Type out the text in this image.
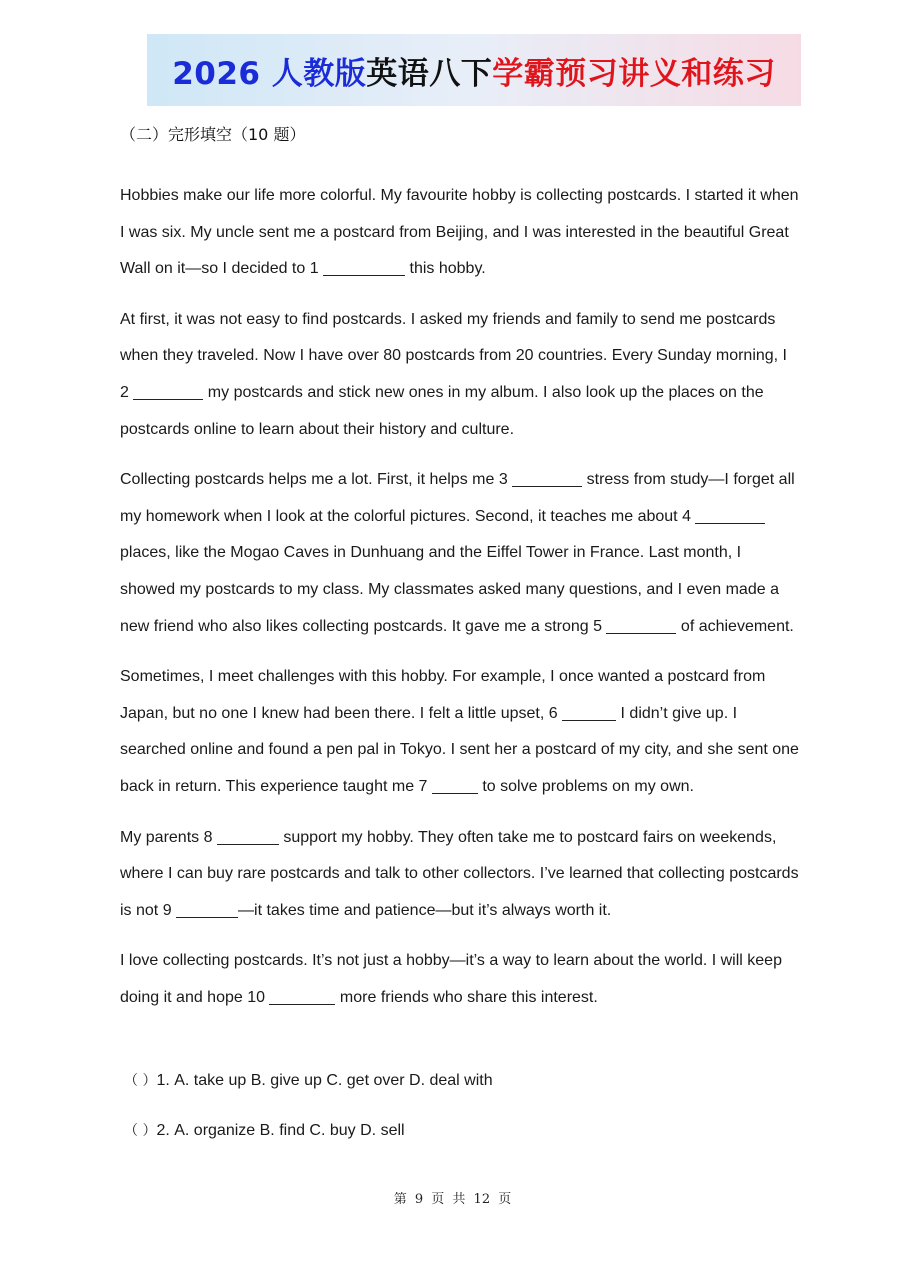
2026 人教版英语八下学霸预习讲义和练习
（二）完形填空（10 题）

Hobbies make our life more colorful. My favourite hobby is collecting postcards. I started it when I was six. My uncle sent me a postcard from Beijing, and I was interested in the beautiful Great Wall on it—so I decided to 1	this hobby.

At first, it was not easy to find postcards. I asked my friends and family to send me postcards when they traveled. Now I have over 80 postcards from 20 countries. Every Sunday morning, I 2	my postcards and stick new ones in my album. I also look up the places on the postcards online to learn about their history and culture.

Collecting postcards helps me a lot. First, it helps me 3	stress from study—I forget all my homework when I look at the colorful pictures. Second, it teaches me about 4  places, like the Mogao Caves in Dunhuang and the Eiffel Tower in France. Last month, I showed my postcards to my class. My classmates asked many questions, and I even made a new friend who also likes collecting postcards. It gave me a strong 5	of achievement.

Sometimes, I meet challenges with this hobby. For example, I once wanted a postcard from Japan, but no one I knew had been there. I felt a little upset, 6	I didn’t give up. I searched online and found a pen pal in Tokyo. I sent her a postcard of my city, and she sent one back in return. This experience taught me 7	to solve problems on my own.

My parents 8	support my hobby. They often take me to postcard fairs on weekends, where I can buy rare postcards and talk to other collectors. I’ve learned that collecting postcards is not 9	—it takes time and patience—but it’s always worth it.

I love collecting postcards. It’s not just a hobby—it’s a way to learn about the world. I will keep doing it and hope 10	more friends who share this interest.

（ ）1. A. take up B. give up C. get over D. deal with
（ ）2. A. organize B. find C. buy D. sell
第 9 页 共 12 页
